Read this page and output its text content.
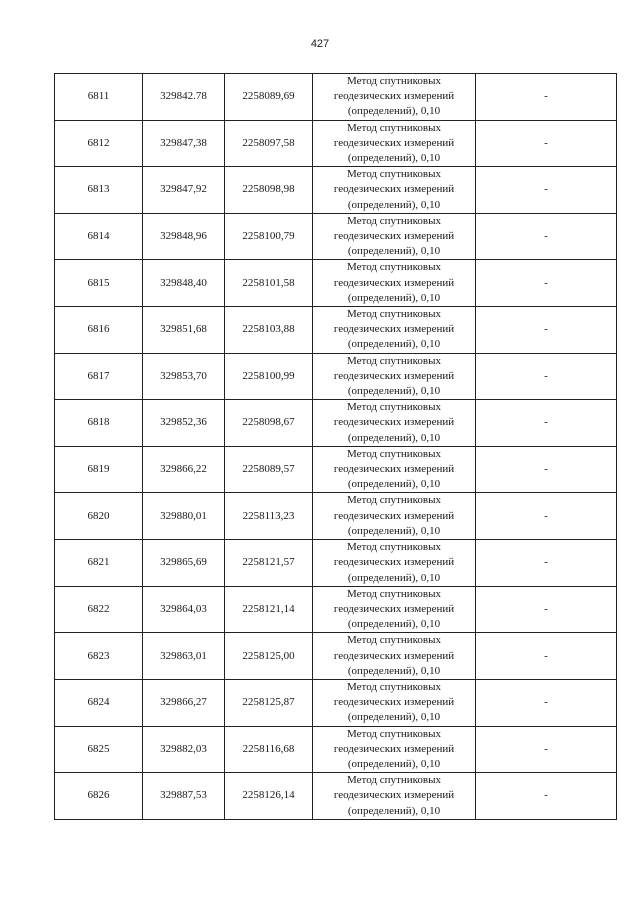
427
6811	329842.78	2258089,69	Метод спутниковых
геодезических измерений
(определений), 0,10	-
6812	329847,38	2258097,58	Метод спутниковых
геодезических измерений
(определений), 0,10	-
6813	329847,92	2258098,98	Метод спутниковых
геодезических измерений
(определений), 0,10	-
6814	329848,96	2258100,79	Метод спутниковых
геодезических измерений
(определений), 0,10	-
6815	329848,40	2258101,58	Метод спутниковых
геодезических измерений
(определений), 0,10	-
6816	329851,68	2258103,88	Метод спутниковых
геодезических измерений
(определений), 0,10	-
6817	329853,70	2258100,99	Метод спутниковых
геодезических измерений
(определений), 0,10	-
6818	329852,36	2258098,67	Метод спутниковых
геодезических измерений
(определений), 0,10	-
6819	329866,22	2258089,57	Метод спутниковых
геодезических измерений
(определений), 0,10	-
6820	329880,01	2258113,23	Метод спутниковых
геодезических измерений
(определений), 0,10	-
6821	329865,69	2258121,57	Метод спутниковых
геодезических измерений
(определений), 0,10	-
6822	329864,03	2258121,14	Метод спутниковых
геодезических измерений
(определений), 0,10	-
6823	329863,01	2258125,00	Метод спутниковых
геодезических измерений
(определений), 0,10	-
6824	329866,27	2258125,87	Метод спутниковых
геодезических измерений
(определений), 0,10	-
6825	329882,03	2258116,68	Метод спутниковых
геодезических измерений
(определений), 0,10	-
6826	329887,53	2258126,14	Метод спутниковых
геодезических измерений
(определений), 0,10	-
